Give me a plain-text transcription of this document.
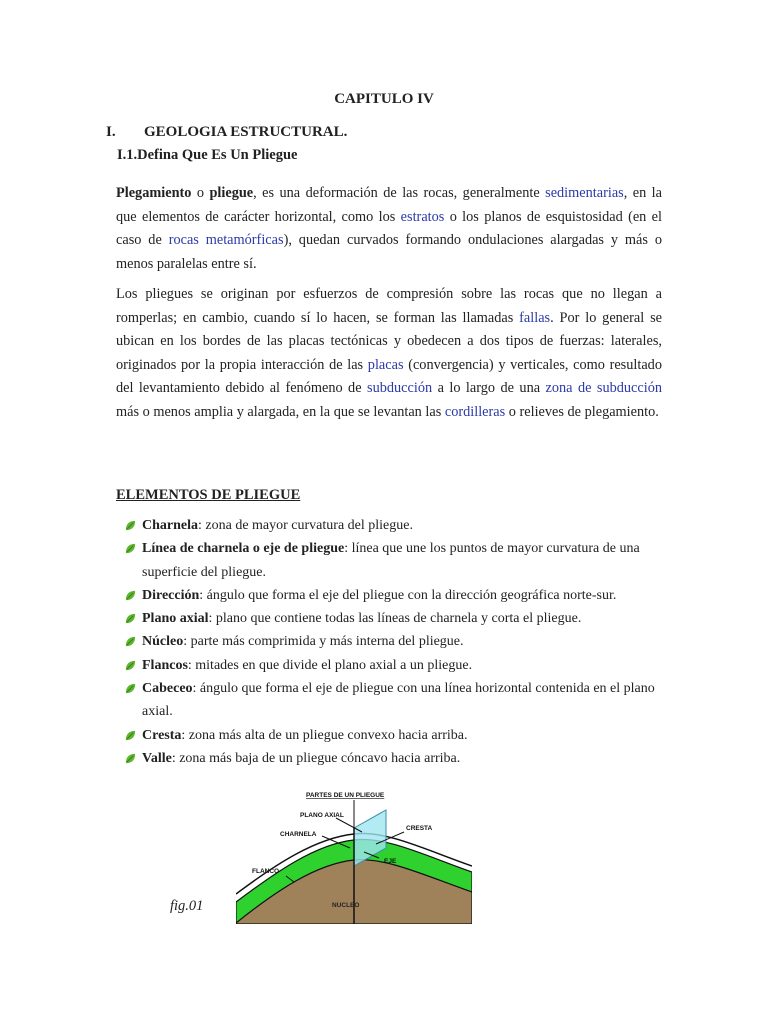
CAPITULO IV
I. GEOLOGIA ESTRUCTURAL.
I.1.Defina Que Es Un Pliegue

Plegamiento o pliegue, es una deformación de las rocas, generalmente sedimentarias, en la que elementos de carácter horizontal, como los estratos o los planos de esquistosidad (en el caso de rocas metamórficas), quedan curvados formando ondulaciones alargadas y más o menos paralelas entre sí.

Los pliegues se originan por esfuerzos de compresión sobre las rocas que no llegan a romperlas; en cambio, cuando sí lo hacen, se forman las llamadas fallas. Por lo general se ubican en los bordes de las placas tectónicas y obedecen a dos tipos de fuerzas: laterales, originados por la propia interacción de las placas (convergencia) y verticales, como resultado del levantamiento debido al fenómeno de subducción a lo largo de una zona de subducción más o menos amplia y alargada, en la que se levantan las cordilleras o relieves de plegamiento.

ELEMENTOS DE PLIEGUE
Charnela: zona de mayor curvatura del pliegue.
Línea de charnela o eje de pliegue: línea que une los puntos de mayor curvatura de una superficie del pliegue.
Dirección: ángulo que forma el eje del pliegue con la dirección geográfica norte-sur.
Plano axial: plano que contiene todas las líneas de charnela y corta el pliegue.
Núcleo: parte más comprimida y más interna del pliegue.
Flancos: mitades en que divide el plano axial a un pliegue.
Cabeceo: ángulo que forma el eje de pliegue con una línea horizontal contenida en el plano axial.
Cresta: zona más alta de un pliegue convexo hacia arriba.
Valle: zona más baja de un pliegue cóncavo hacia arriba.
PARTES DE UN PLIEGUE
PLANO AXIAL
CHARNELA
CRESTA
EJE
FLANCO
NUCLEO
fig.01
